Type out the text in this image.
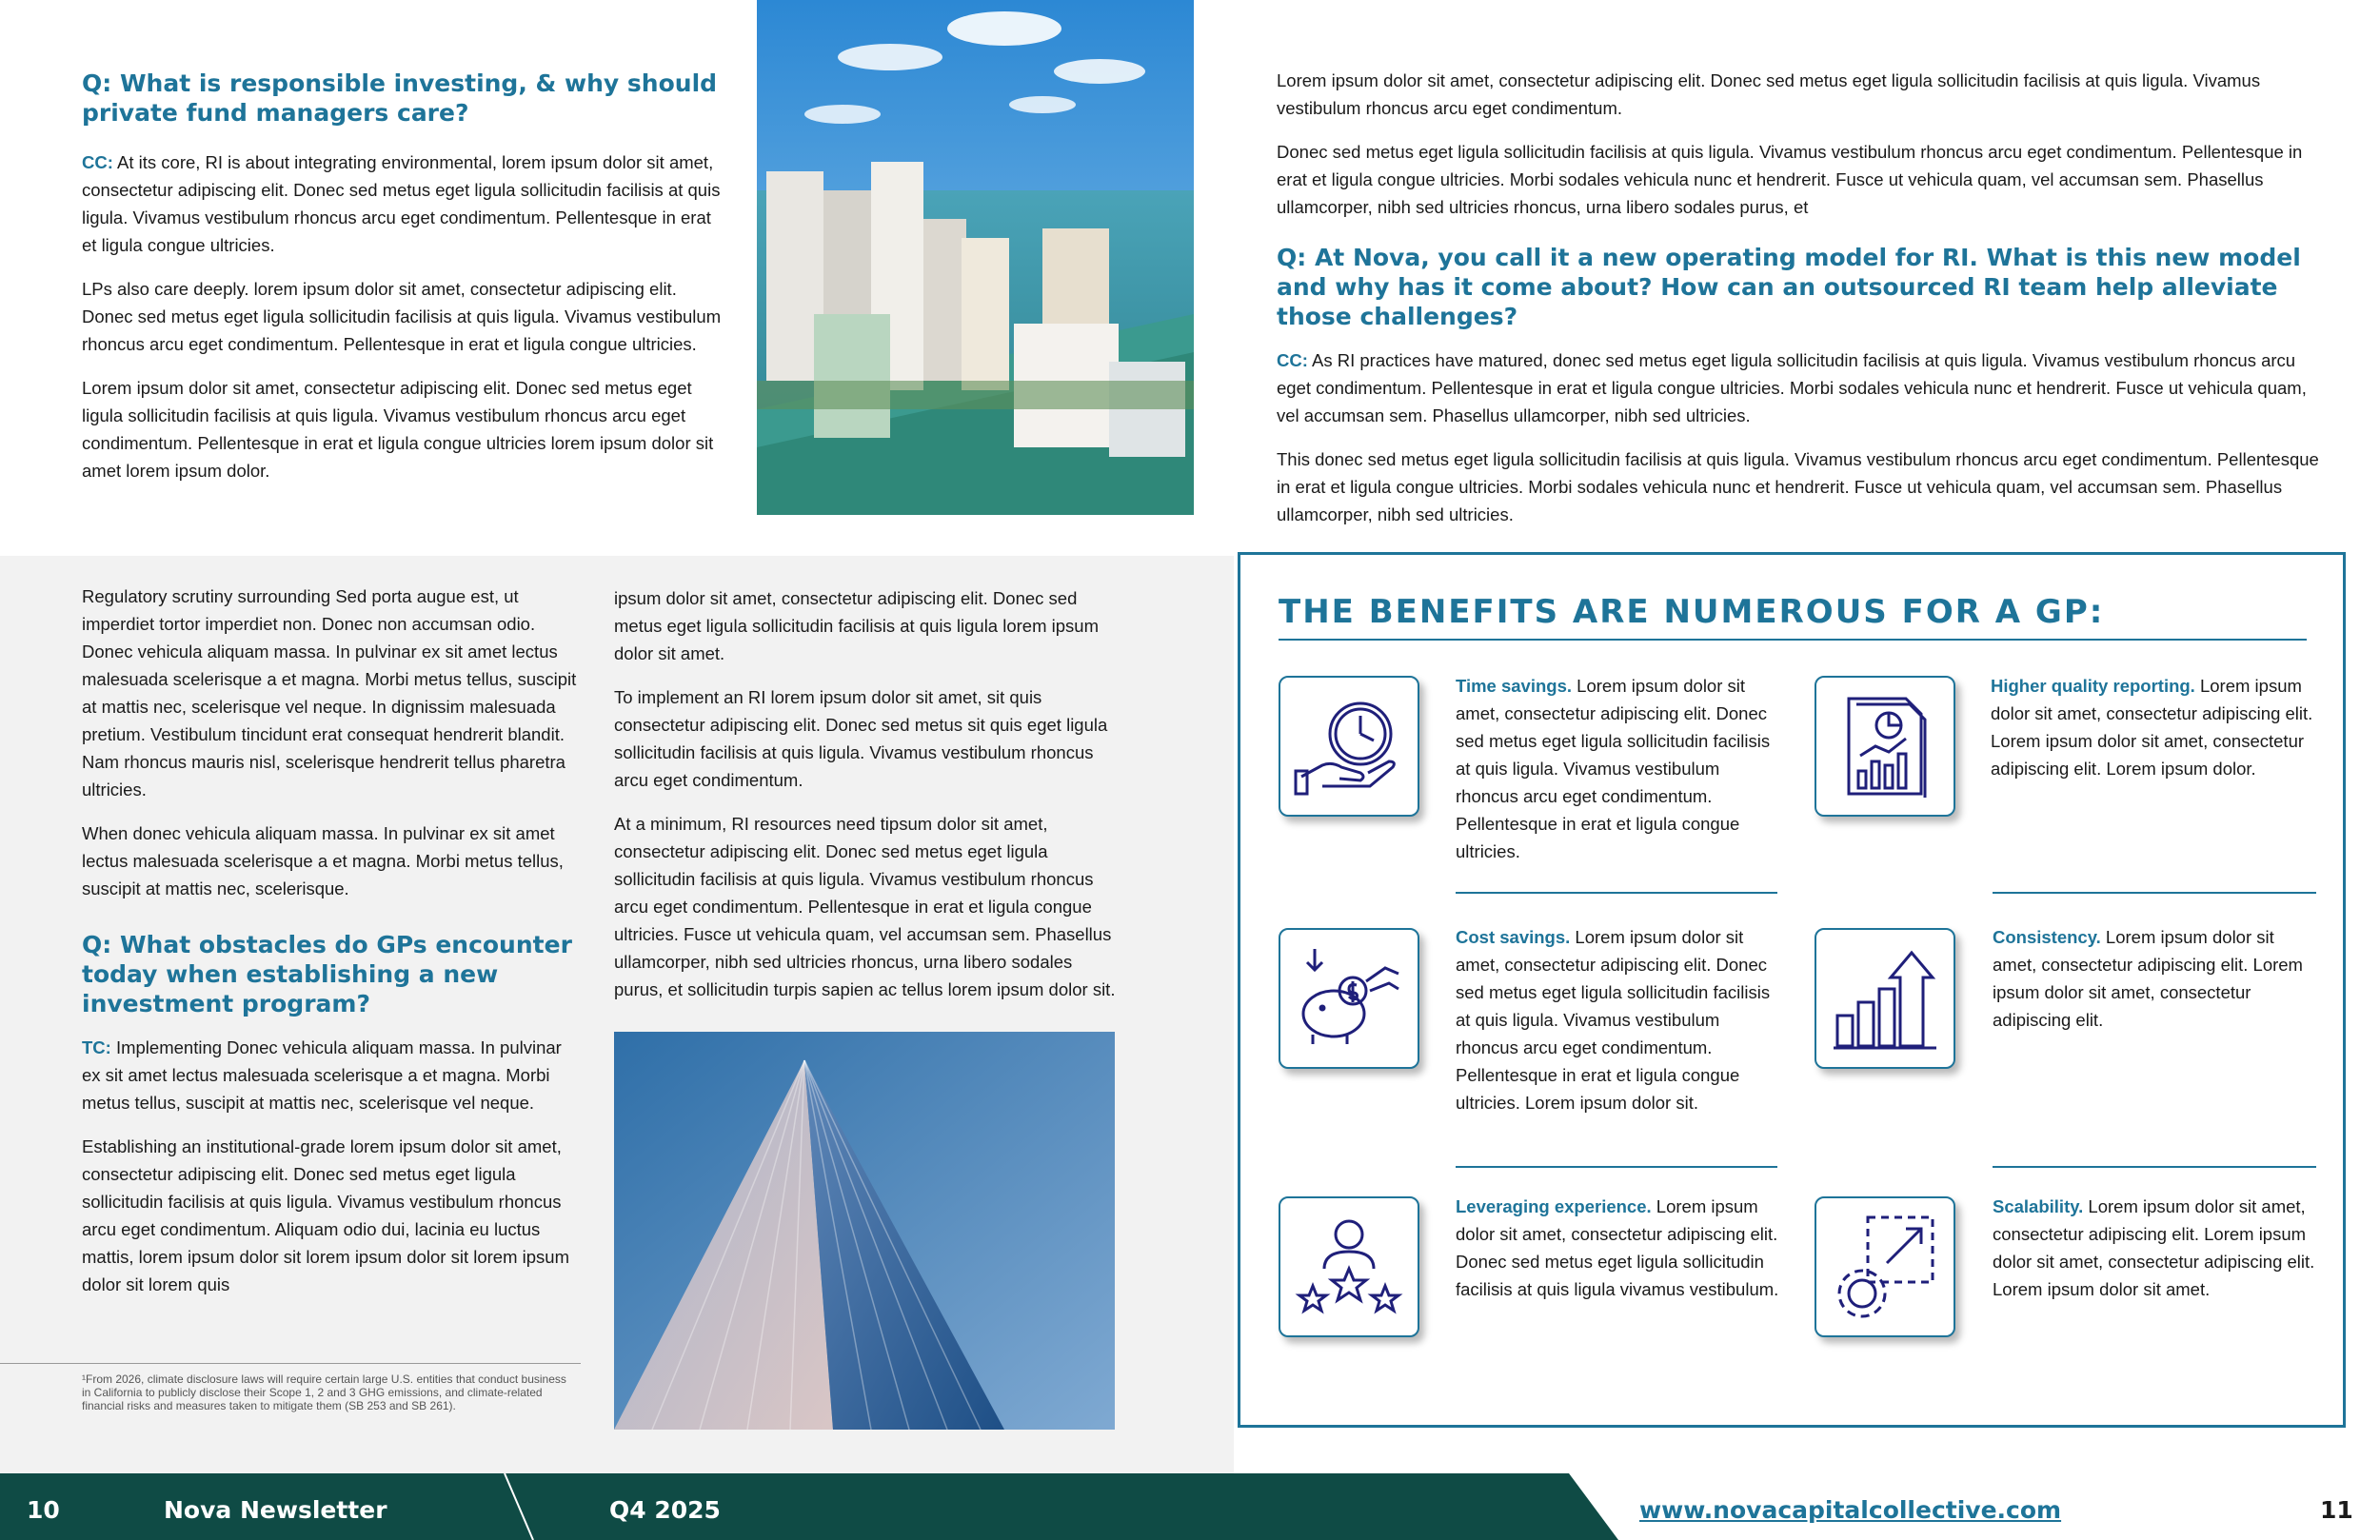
Q: What is responsible investing, & why should private fund managers care?

CC: At its core, RI is about integrating environmental, lorem ipsum dolor sit amet, consectetur adipiscing elit. Donec sed metus eget ligula sollicitudin facilisis at quis ligula. Vivamus vestibulum rhoncus arcu eget condimentum. Pellentesque in erat et ligula congue ultricies.

LPs also care deeply. lorem ipsum dolor sit amet, consectetur adipiscing elit. Donec sed metus eget ligula sollicitudin facilisis at quis ligula. Vivamus vestibulum rhoncus arcu eget condimentum. Pellentesque in erat et ligula congue ultricies.

Lorem ipsum dolor sit amet, consectetur adipiscing elit. Donec sed metus eget ligula sollicitudin facilisis at quis ligula. Vivamus vestibulum rhoncus arcu eget condimentum. Pellentesque in erat et ligula congue ultricies lorem ipsum dolor sit amet lorem ipsum dolor.

Lorem ipsum dolor sit amet, consectetur adipiscing elit. Donec sed metus eget ligula sollicitudin facilisis at quis ligula. Vivamus vestibulum rhoncus arcu eget condimentum.

Donec sed metus eget ligula sollicitudin facilisis at quis ligula. Vivamus vestibulum rhoncus arcu eget condimentum. Pellentesque in erat et ligula congue ultricies. Morbi sodales vehicula nunc et hendrerit. Fusce ut vehicula quam, vel accumsan sem. Phasellus ullamcorper, nibh sed ultricies rhoncus, urna libero sodales purus, et

Q: At Nova, you call it a new operating model for RI. What is this new model and why has it come about? How can an outsourced RI team help alleviate those challenges?

CC: As RI practices have matured, donec sed metus eget ligula sollicitudin facilisis at quis ligula. Vivamus vestibulum rhoncus arcu eget condimentum. Pellentesque in erat et ligula congue ultricies. Morbi sodales vehicula nunc et hendrerit. Fusce ut vehicula quam, vel accumsan sem. Phasellus ullamcorper, nibh sed ultricies.

This donec sed metus eget ligula sollicitudin facilisis at quis ligula. Vivamus vestibulum rhoncus arcu eget condimentum. Pellentesque in erat et ligula congue ultricies. Morbi sodales vehicula nunc et hendrerit. Fusce ut vehicula quam, vel accumsan sem. Phasellus ullamcorper, nibh sed ultricies.

Regulatory scrutiny surrounding Sed porta augue est, ut imperdiet tortor imperdiet non. Donec non accumsan odio. Donec vehicula aliquam massa. In pulvinar ex sit amet lectus malesuada scelerisque a et magna. Morbi metus tellus, suscipit at mattis nec, scelerisque vel neque. In dignissim malesuada pretium. Vestibulum tincidunt erat consequat hendrerit blandit. Nam rhoncus mauris nisl, scelerisque hendrerit tellus pharetra ultricies.

When donec vehicula aliquam massa. In pulvinar ex sit amet lectus malesuada scelerisque a et magna. Morbi metus tellus, suscipit at mattis nec, scelerisque.

Q: What obstacles do GPs encounter today when establishing a new investment program?

TC: Implementing Donec vehicula aliquam massa. In pulvinar ex sit amet lectus malesuada scelerisque a et magna. Morbi metus tellus, suscipit at mattis nec, scelerisque vel neque.

Establishing an institutional-grade lorem ipsum dolor sit amet, consectetur adipiscing elit. Donec sed metus eget ligula sollicitudin facilisis at quis ligula. Vivamus vestibulum rhoncus arcu eget condimentum. Aliquam odio dui, lacinia eu luctus mattis, lorem ipsum dolor sit lorem ipsum dolor sit lorem ipsum dolor sit lorem quis

¹From 2026, climate disclosure laws will require certain large U.S. entities that conduct business in California to publicly disclose their Scope 1, 2 and 3 GHG emissions, and climate-related financial risks and measures taken to mitigate them (SB 253 and SB 261).

ipsum dolor sit amet, consectetur adipiscing elit. Donec sed metus eget ligula sollicitudin facilisis at quis ligula lorem ipsum dolor sit amet.

To implement an RI lorem ipsum dolor sit amet, sit quis consectetur adipiscing elit. Donec sed metus sit quis eget ligula sollicitudin facilisis at quis ligula. Vivamus vestibulum rhoncus arcu eget condimentum.

At a minimum, RI resources need tipsum dolor sit amet, consectetur adipiscing elit. Donec sed metus eget ligula sollicitudin facilisis at quis ligula. Vivamus vestibulum rhoncus arcu eget condimentum. Pellentesque in erat et ligula congue ultricies. Fusce ut vehicula quam, vel accumsan sem. Phasellus ullamcorper, nibh sed ultricies rhoncus, urna libero sodales purus, et sollicitudin turpis sapien ac tellus lorem ipsum dolor sit.

THE BENEFITS ARE NUMEROUS FOR A GP:

Time savings. Lorem ipsum dolor sit amet, consectetur adipiscing elit. Donec sed metus eget ligula sollicitudin facilisis at quis ligula. Vivamus vestibulum rhoncus arcu eget condimentum. Pellentesque in erat et ligula congue ultricies.

Higher quality reporting. Lorem ipsum dolor sit amet, consectetur adipiscing elit. Lorem ipsum dolor sit amet, consectetur adipiscing elit. Lorem ipsum dolor.

Cost savings. Lorem ipsum dolor sit amet, consectetur adipiscing elit. Donec sed metus eget ligula sollicitudin facilisis at quis ligula. Vivamus vestibulum rhoncus arcu eget condimentum. Pellentesque in erat et ligula congue ultricies. Lorem ipsum dolor sit.

Consistency. Lorem ipsum dolor sit amet, consectetur adipiscing elit. Lorem ipsum dolor sit amet, consectetur adipiscing elit.

Leveraging experience. Lorem ipsum dolor sit amet, consectetur adipiscing elit. Donec sed metus eget ligula sollicitudin facilisis at quis ligula vivamus vestibulum.

Scalability. Lorem ipsum dolor sit amet, consectetur adipiscing elit. Lorem ipsum dolor sit amet, consectetur adipiscing elit. Lorem ipsum dolor sit amet.

10	Nova Newsletter	Q4 2025	www.novacapitalcollective.com	11
